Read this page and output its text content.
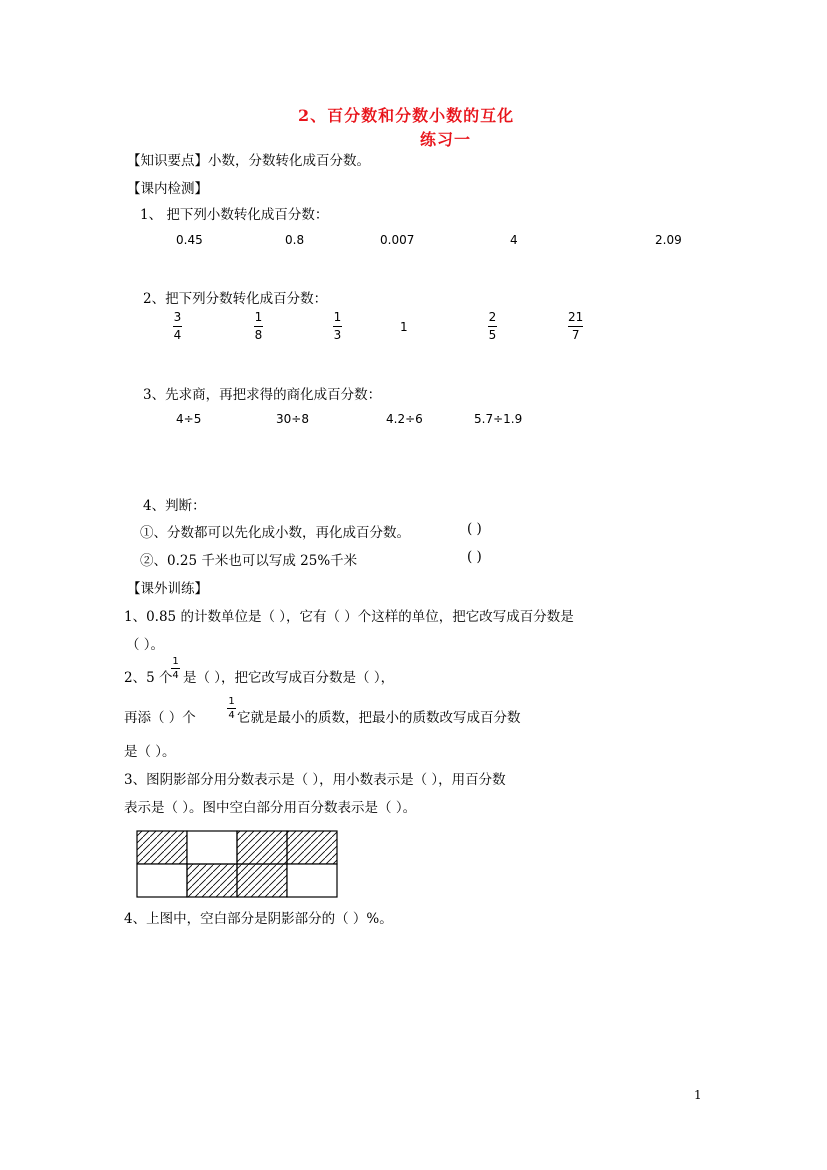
2、百分数和分数小数的互化
练习一
【知识要点】小数，分数转化成百分数。
【课内检测】
1、 把下列小数转化成百分数：
0.45	0.8	0.007	4	2.09
2、把下列分数转化成百分数：
3
4
1
8
1
3
1
2
5
21
7
3、先求商，再把求得的商化成百分数：
4÷5	30÷8	4.2÷6	5.7÷1.9
4、判断：
①、分数都可以先化成小数，再化成百分数。	( )
②、0.25 千米也可以写成 25%千米	( )
【课外训练】
1、0.85 的计数单位是（ ），它有（ ）个这样的单位，把它改写成百分数是
（ ）。
2、5 个
1
4 是（ ），把它改写成百分数是（ ），
再添（ ）个
1
4 它就是最小的质数，把最小的质数改写成百分数
是（ ）。
3、图阴影部分用分数表示是（ ），用小数表示是（ ），用百分数
表示是（ ）。图中空白部分用百分数表示是（ ）。
4、上图中，空白部分是阴影部分的（ ）%。
1
